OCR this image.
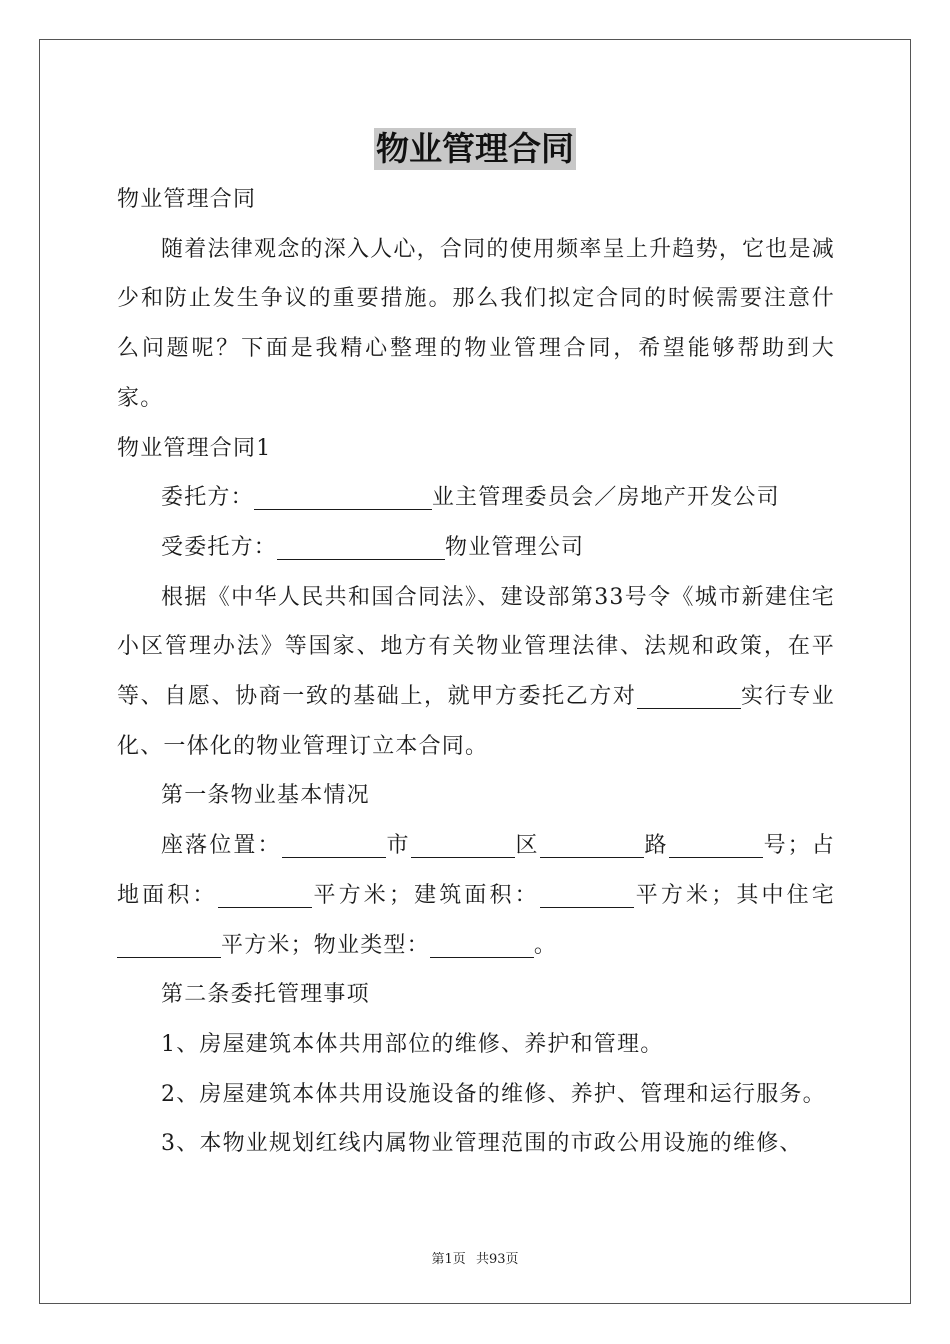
物业管理合同

物业管理合同

随着法律观念的深入人心，合同的使用频率呈上升趋势，它也是减少和防止发生争议的重要措施。那么我们拟定合同的时候需要注意什么问题呢？下面是我精心整理的物业管理合同，希望能够帮助到大家。

物业管理合同1

委托方：	业主管理委员会／房地产开发公司

受委托方：	物业管理公司

根据《中华人民共和国合同法》、建设部第33号令《城市新建住宅小区管理办法》等国家、地方有关物业管理法律、法规和政策，在平等、自愿、协商一致的基础上，就甲方委托乙方对	实行专业化、一体化的物业管理订立本合同。

第一条物业基本情况

座落位置：	市	区	路	号；占地面积：	平方米；建筑面积：	平方米；其中住宅平方米；物业类型：	。

第二条委托管理事项

1、房屋建筑本体共用部位的维修、养护和管理。

2、房屋建筑本体共用设施设备的维修、养护、管理和运行服务。

3、本物业规划红线内属物业管理范围的市政公用设施的维修、

第1页 共93页
